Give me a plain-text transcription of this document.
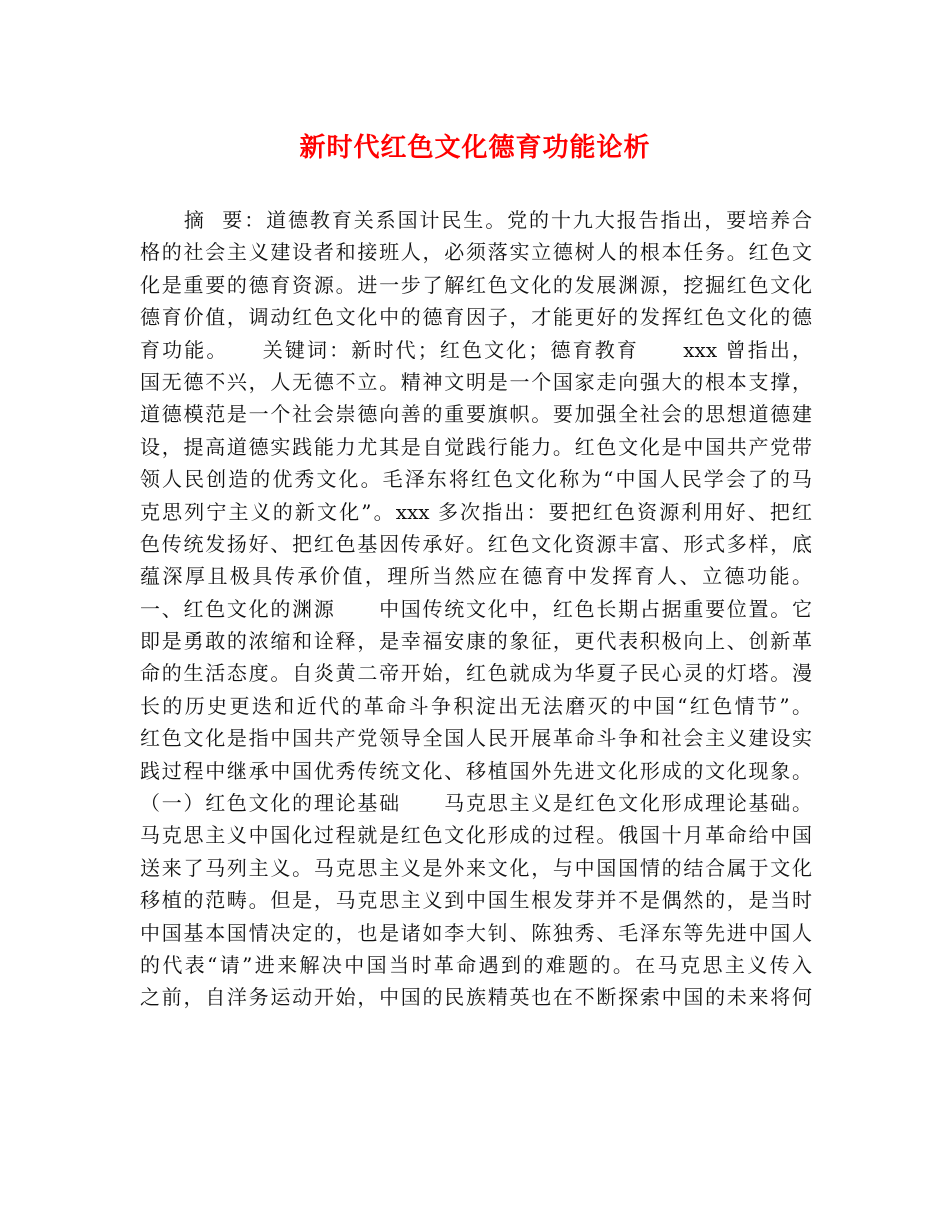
新时代红色文化德育功能论析
　　摘  要：道德教育关系国计民生。党的十九大报告指出，要培养合
格的社会主义建设者和接班人，必须落实立德树人的根本任务。红色文
化是重要的德育资源。进一步了解红色文化的发展渊源，挖掘红色文化
德育价值，调动红色文化中的德育因子，才能更好的发挥红色文化的德
育功能。　　关键词：新时代；红色文化；德育教育　　xxx 曾指出，
国无德不兴，人无德不立。精神文明是一个国家走向强大的根本支撑，
道德模范是一个社会崇德向善的重要旗帜。要加强全社会的思想道德建
设，提高道德实践能力尤其是自觉践行能力。红色文化是中国共产党带
领人民创造的优秀文化。毛泽东将红色文化称为“中国人民学会了的马
克思列宁主义的新文化”。xxx 多次指出：要把红色资源利用好、把红
色传统发扬好、把红色基因传承好。红色文化资源丰富、形式多样，底
蕴深厚且极具传承价值，理所当然应在德育中发挥育人、立德功能。
一、红色文化的渊源　　中国传统文化中，红色长期占据重要位置。它
即是勇敢的浓缩和诠释，是幸福安康的象征，更代表积极向上、创新革
命的生活态度。自炎黄二帝开始，红色就成为华夏子民心灵的灯塔。漫
长的历史更迭和近代的革命斗争积淀出无法磨灭的中国“红色情节”。
红色文化是指中国共产党领导全国人民开展革命斗争和社会主义建设实
践过程中继承中国优秀传统文化、移植国外先进文化形成的文化现象。
（一）红色文化的理论基础　　马克思主义是红色文化形成理论基础。
马克思主义中国化过程就是红色文化形成的过程。俄国十月革命给中国
送来了马列主义。马克思主义是外来文化，与中国国情的结合属于文化
移植的范畴。但是，马克思主义到中国生根发芽并不是偶然的，是当时
中国基本国情决定的，也是诸如李大钊、陈独秀、毛泽东等先进中国人
的代表“请”进来解决中国当时革命遇到的难题的。在马克思主义传入
之前，自洋务运动开始，中国的民族精英也在不断探索中国的未来将何
